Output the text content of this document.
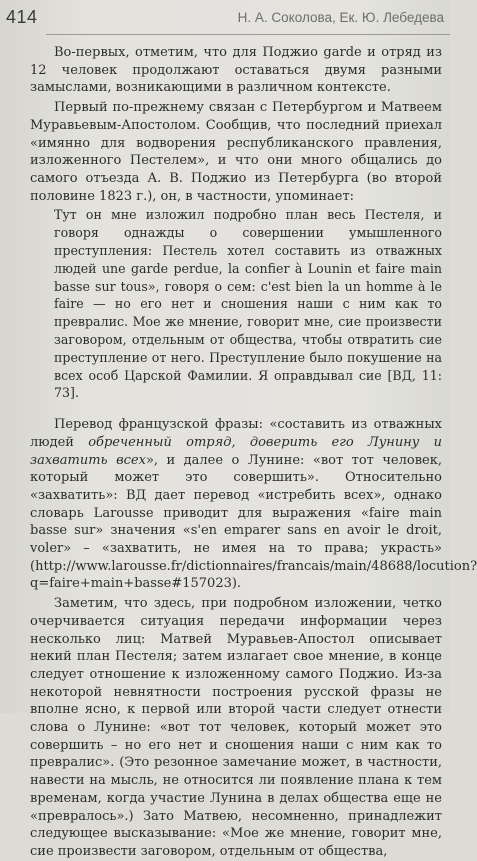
414	Н. А. Соколова, Ек. Ю. Лебедева

Во-первых, отметим, что для Поджио garde и отряд из 12 человек продолжают оставаться двумя разными замыслами, возникающими в различном контексте.

Первый по-прежнему связан с Петербургом и Матвеем Муравьевым-Апостолом. Сообщив, что последний приехал «имянно для водворения республиканского правления, изложенного Пестелем», и что они много общались до самого отъезда А. В. Поджио из Петербурга (во второй половине 1823 г.), он, в частности, упоминает:

Тут он мне изложил подробно план весь Пестеля, и говоря однажды о совершении умышленного преступления: Пестель хотел составить из отважных людей une garde perdue, la confier à Lounin et faire main basse sur tous», говоря о сем: c'est bien la un homme à le faire — но его нет и сношения наши с ним как то превралис. Мое же мнение, говорит мне, сие произвести заговором, отдельным от общества, чтобы отвратить сие преступление от него. Преступление было покушение на всех особ Царской Фамилии. Я оправдывал сие [ВД, 11: 73].

Перевод французской фразы: «составить из отважных людей обреченный отряд, доверить его Лунину и захватить всех», и далее о Лунине: «вот тот человек, который может это совершить». Относительно «захватить»: ВД дает перевод «истребить всех», однако словарь Larousse приводит для выражения «faire main basse sur» значения «s'en emparer sans en avoir le droit, voler» – «захватить, не имея на то права; украсть» (http://www.larousse.fr/dictionnaires/francais/main/48688/locution?q=faire+main+basse#157023).

Заметим, что здесь, при подробном изложении, четко очерчивается ситуация передачи информации через несколько лиц: Матвей Муравьев-Апостол описывает некий план Пестеля; затем излагает свое мнение, в конце следует отношение к изложенному самого Поджио. Из-за некоторой невнятности построения русской фразы не вполне ясно, к первой или второй части следует отнести слова о Лунине: «вот тот человек, который может это совершить – но его нет и сношения наши с ним как то превралис». (Это резонное замечание может, в частности, навести на мысль, не относится ли появление плана к тем временам, когда участие Лунина в делах общества еще не «превралось».) Зато Матвею, несомненно, принадлежит следующее высказывание: «Мое же мнение, говорит мне, сие произвести заговором, отдельным от общества,
